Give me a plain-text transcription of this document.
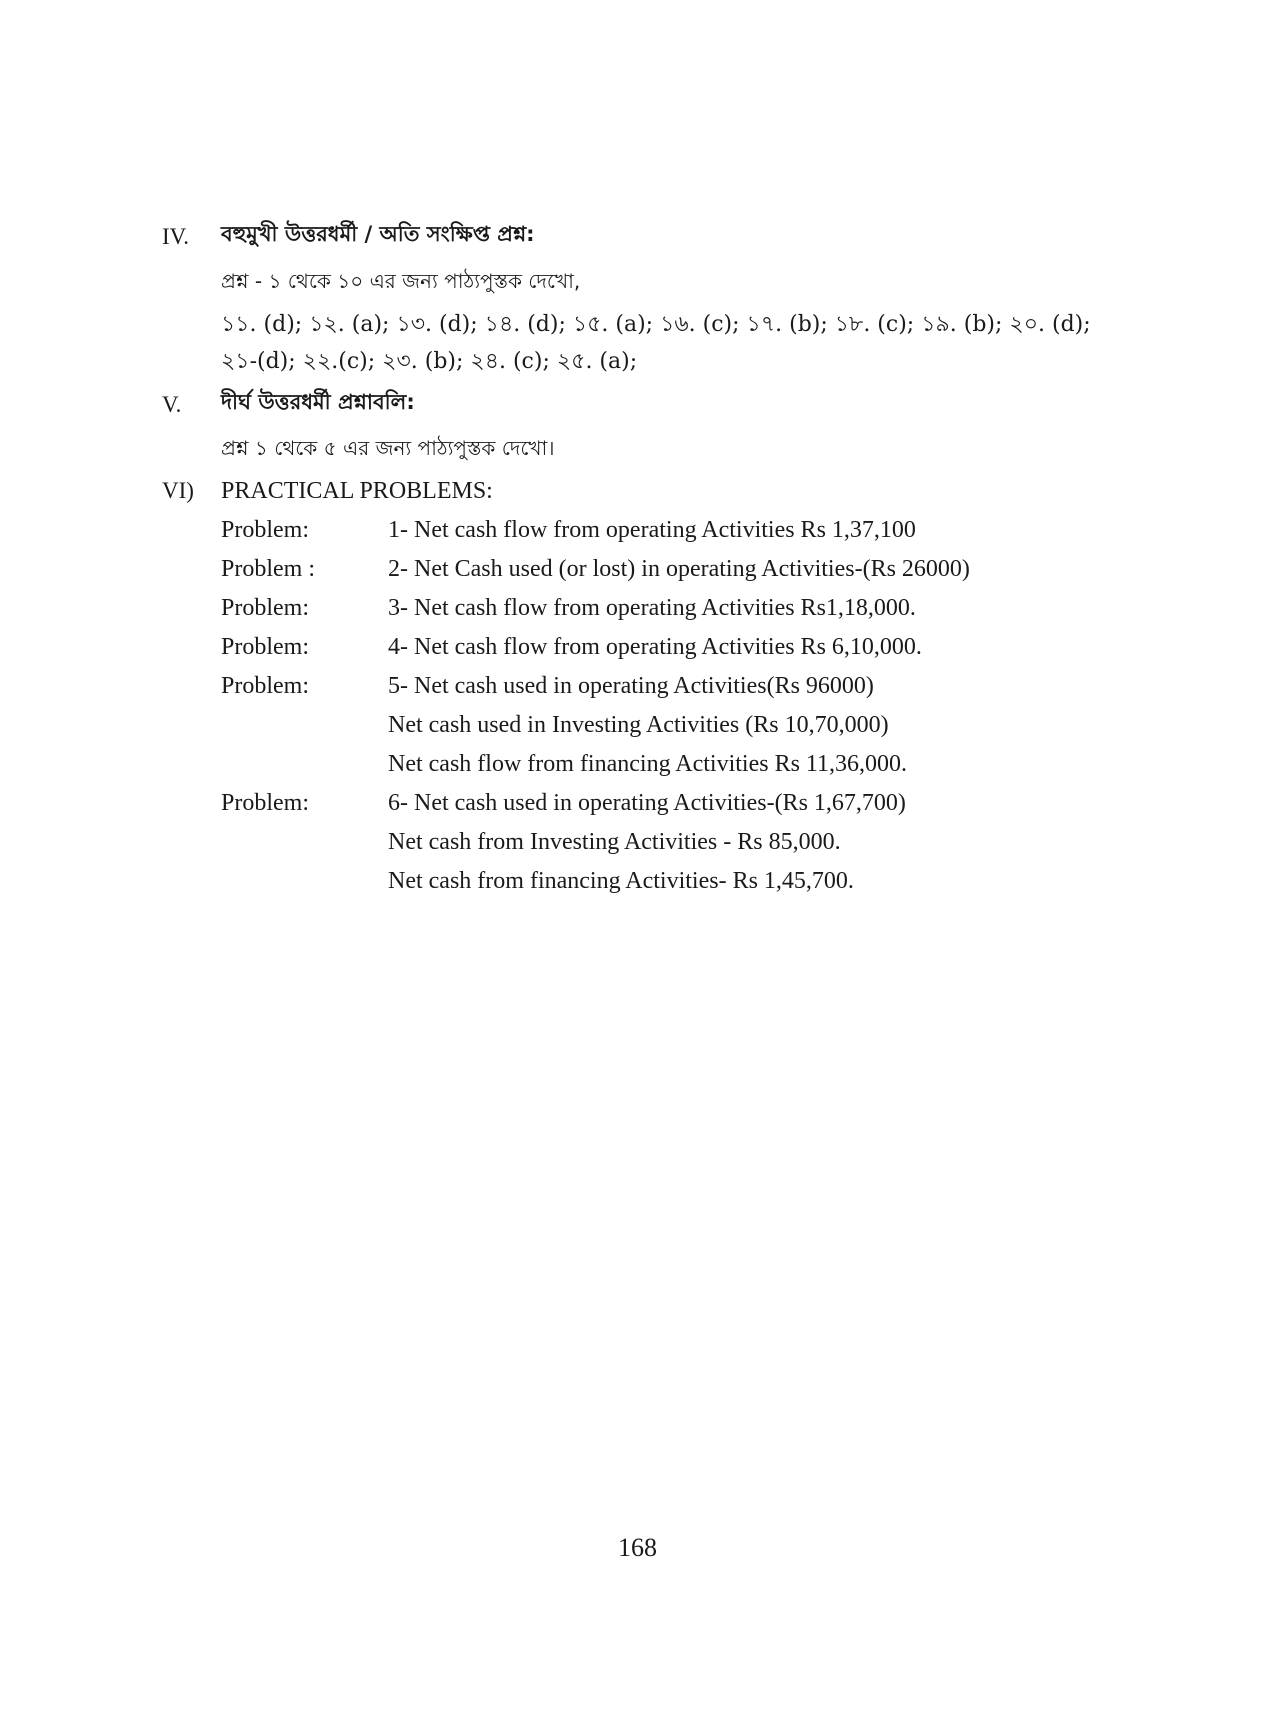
IV. বহুমুখী উত্তরধর্মী / অতি সংক্ষিপ্ত প্রশ্ন:
প্রশ্ন - ১ থেকে ১০ এর জন্য পাঠ্যপুস্তক দেখো,
১১. (d); ১২. (a); ১৩. (d); ১৪. (d); ১৫. (a); ১৬. (c); ১৭. (b); ১৮. (c); ১৯. (b); ২০. (d);
২১-(d); ২২.(c); ২৩. (b); ২৪. (c); ২৫. (a);
V. দীর্ঘ উত্তরধর্মী প্রশ্নাবলি:
প্রশ্ন ১ থেকে ৫ এর জন্য পাঠ্যপুস্তক দেখো।
VI) PRACTICAL PROBLEMS:
Problem:	1- Net cash flow from operating Activities Rs 1,37,100
Problem :	2- Net Cash used (or lost) in operating Activities-(Rs 26000)
Problem:	3- Net cash flow from operating Activities Rs1,18,000.
Problem:	4- Net cash flow from operating Activities Rs 6,10,000.
Problem:	5- Net cash used in operating Activities(Rs 96000)
Net cash used in Investing Activities (Rs 10,70,000)
Net cash flow from financing Activities Rs 11,36,000.
Problem:	6- Net cash used in operating Activities-(Rs 1,67,700)
Net cash from Investing Activities - Rs 85,000.
Net cash from financing Activities- Rs 1,45,700.
168
